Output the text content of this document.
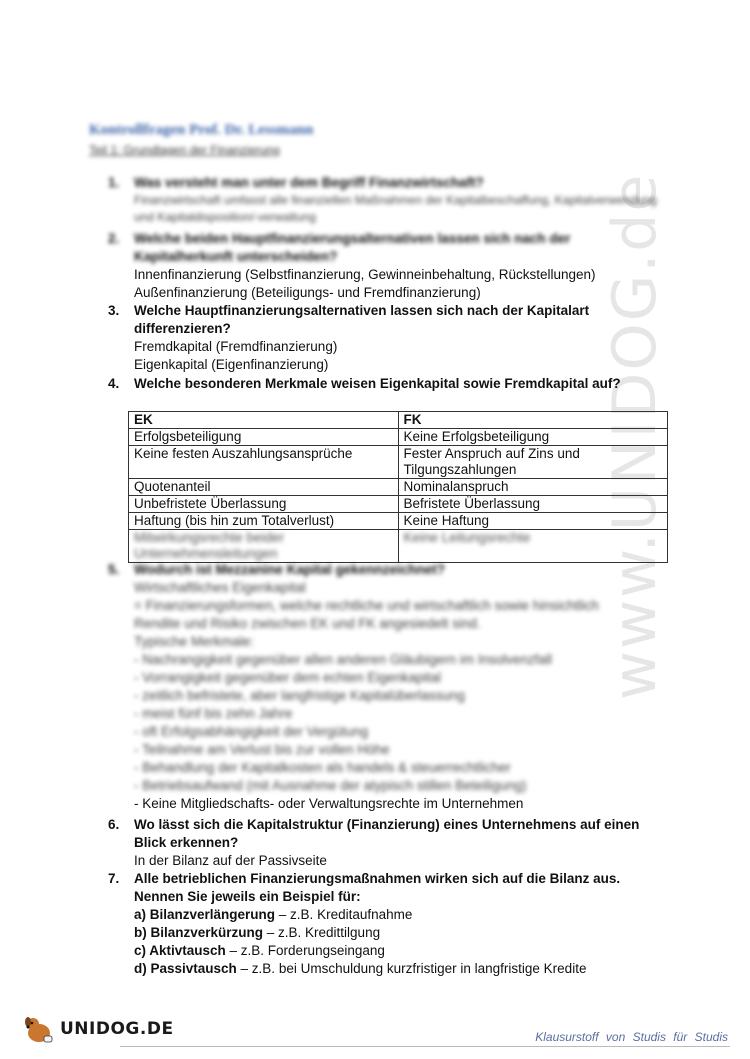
www.UNIDOG.de
Kontrollfragen Prof. Dr. Lessmann
Teil 1: Grundlagen der Finanzierung
1.	Was versteht man unter dem Begriff Finanzwirtschaft?
Finanzwirtschaft umfasst alle finanziellen Maßnahmen der Kapitalbeschaffung, Kapitalverwendung und Kapitaldisposition/-verwaltung
2.	Welche beiden Hauptfinanzierungsalternativen lassen sich nach der Kapitalherkunft unterscheiden?
Innenfinanzierung (Selbstfinanzierung, Gewinneinbehaltung, Rückstellungen)
Außenfinanzierung (Beteiligungs- und Fremdfinanzierung)
3.	Welche Hauptfinanzierungsalternativen lassen sich nach der Kapitalart differenzieren?
Fremdkapital (Fremdfinanzierung)
Eigenkapital (Eigenfinanzierung)
4.	Welche besonderen Merkmale weisen Eigenkapital sowie Fremdkapital auf?
EK	FK
Erfolgsbeteiligung	Keine Erfolgsbeteiligung
Keine festen Auszahlungsansprüche	Fester Anspruch auf Zins und Tilgungszahlungen
Quotenanteil	Nominalanspruch
Unbefristete Überlassung	Befristete Überlassung
Haftung (bis hin zum Totalverlust)	Keine Haftung
Mitwirkungsrechte beider Unternehmensleitungen	Keine Leitungsrechte
5.	Wodurch ist Mezzanine Kapital gekennzeichnet?
Wirtschaftliches Eigenkapital
= Finanzierungsformen, welche rechtliche und wirtschaftlich sowie hinsichtlich
Rendite und Risiko zwischen EK und FK angesiedelt sind.
Typische Merkmale:
- Nachrangigkeit gegenüber allen anderen Gläubigern im Insolvenzfall
- Vorrangigkeit gegenüber dem echten Eigenkapital
- zeitlich befristete, aber langfristige Kapitalüberlassung
- meist fünf bis zehn Jahre
- oft Erfolgsabhängigkeit der Vergütung
- Teilnahme am Verlust bis zur vollen Höhe
- Behandlung der Kapitalkosten als handels & steuerrechtlicher
- Betriebsaufwand (mit Ausnahme der atypisch stillen Beteiligung)
- Keine Mitgliedschafts- oder Verwaltungsrechte im Unternehmen
6.	Wo lässt sich die Kapitalstruktur (Finanzierung) eines Unternehmens auf einen Blick erkennen?
In der Bilanz auf der Passivseite
7.	Alle betrieblichen Finanzierungsmaßnahmen wirken sich auf die Bilanz aus. Nennen Sie jeweils ein Beispiel für:
a) Bilanzverlängerung – z.B. Kreditaufnahme
b) Bilanzverkürzung – z.B. Kredittilgung
c) Aktivtausch – z.B. Forderungseingang
d) Passivtausch – z.B. bei Umschuldung kurzfristiger in langfristige Kredite
UNIDOG.DE	Klausurstoff von Studis für Studis
